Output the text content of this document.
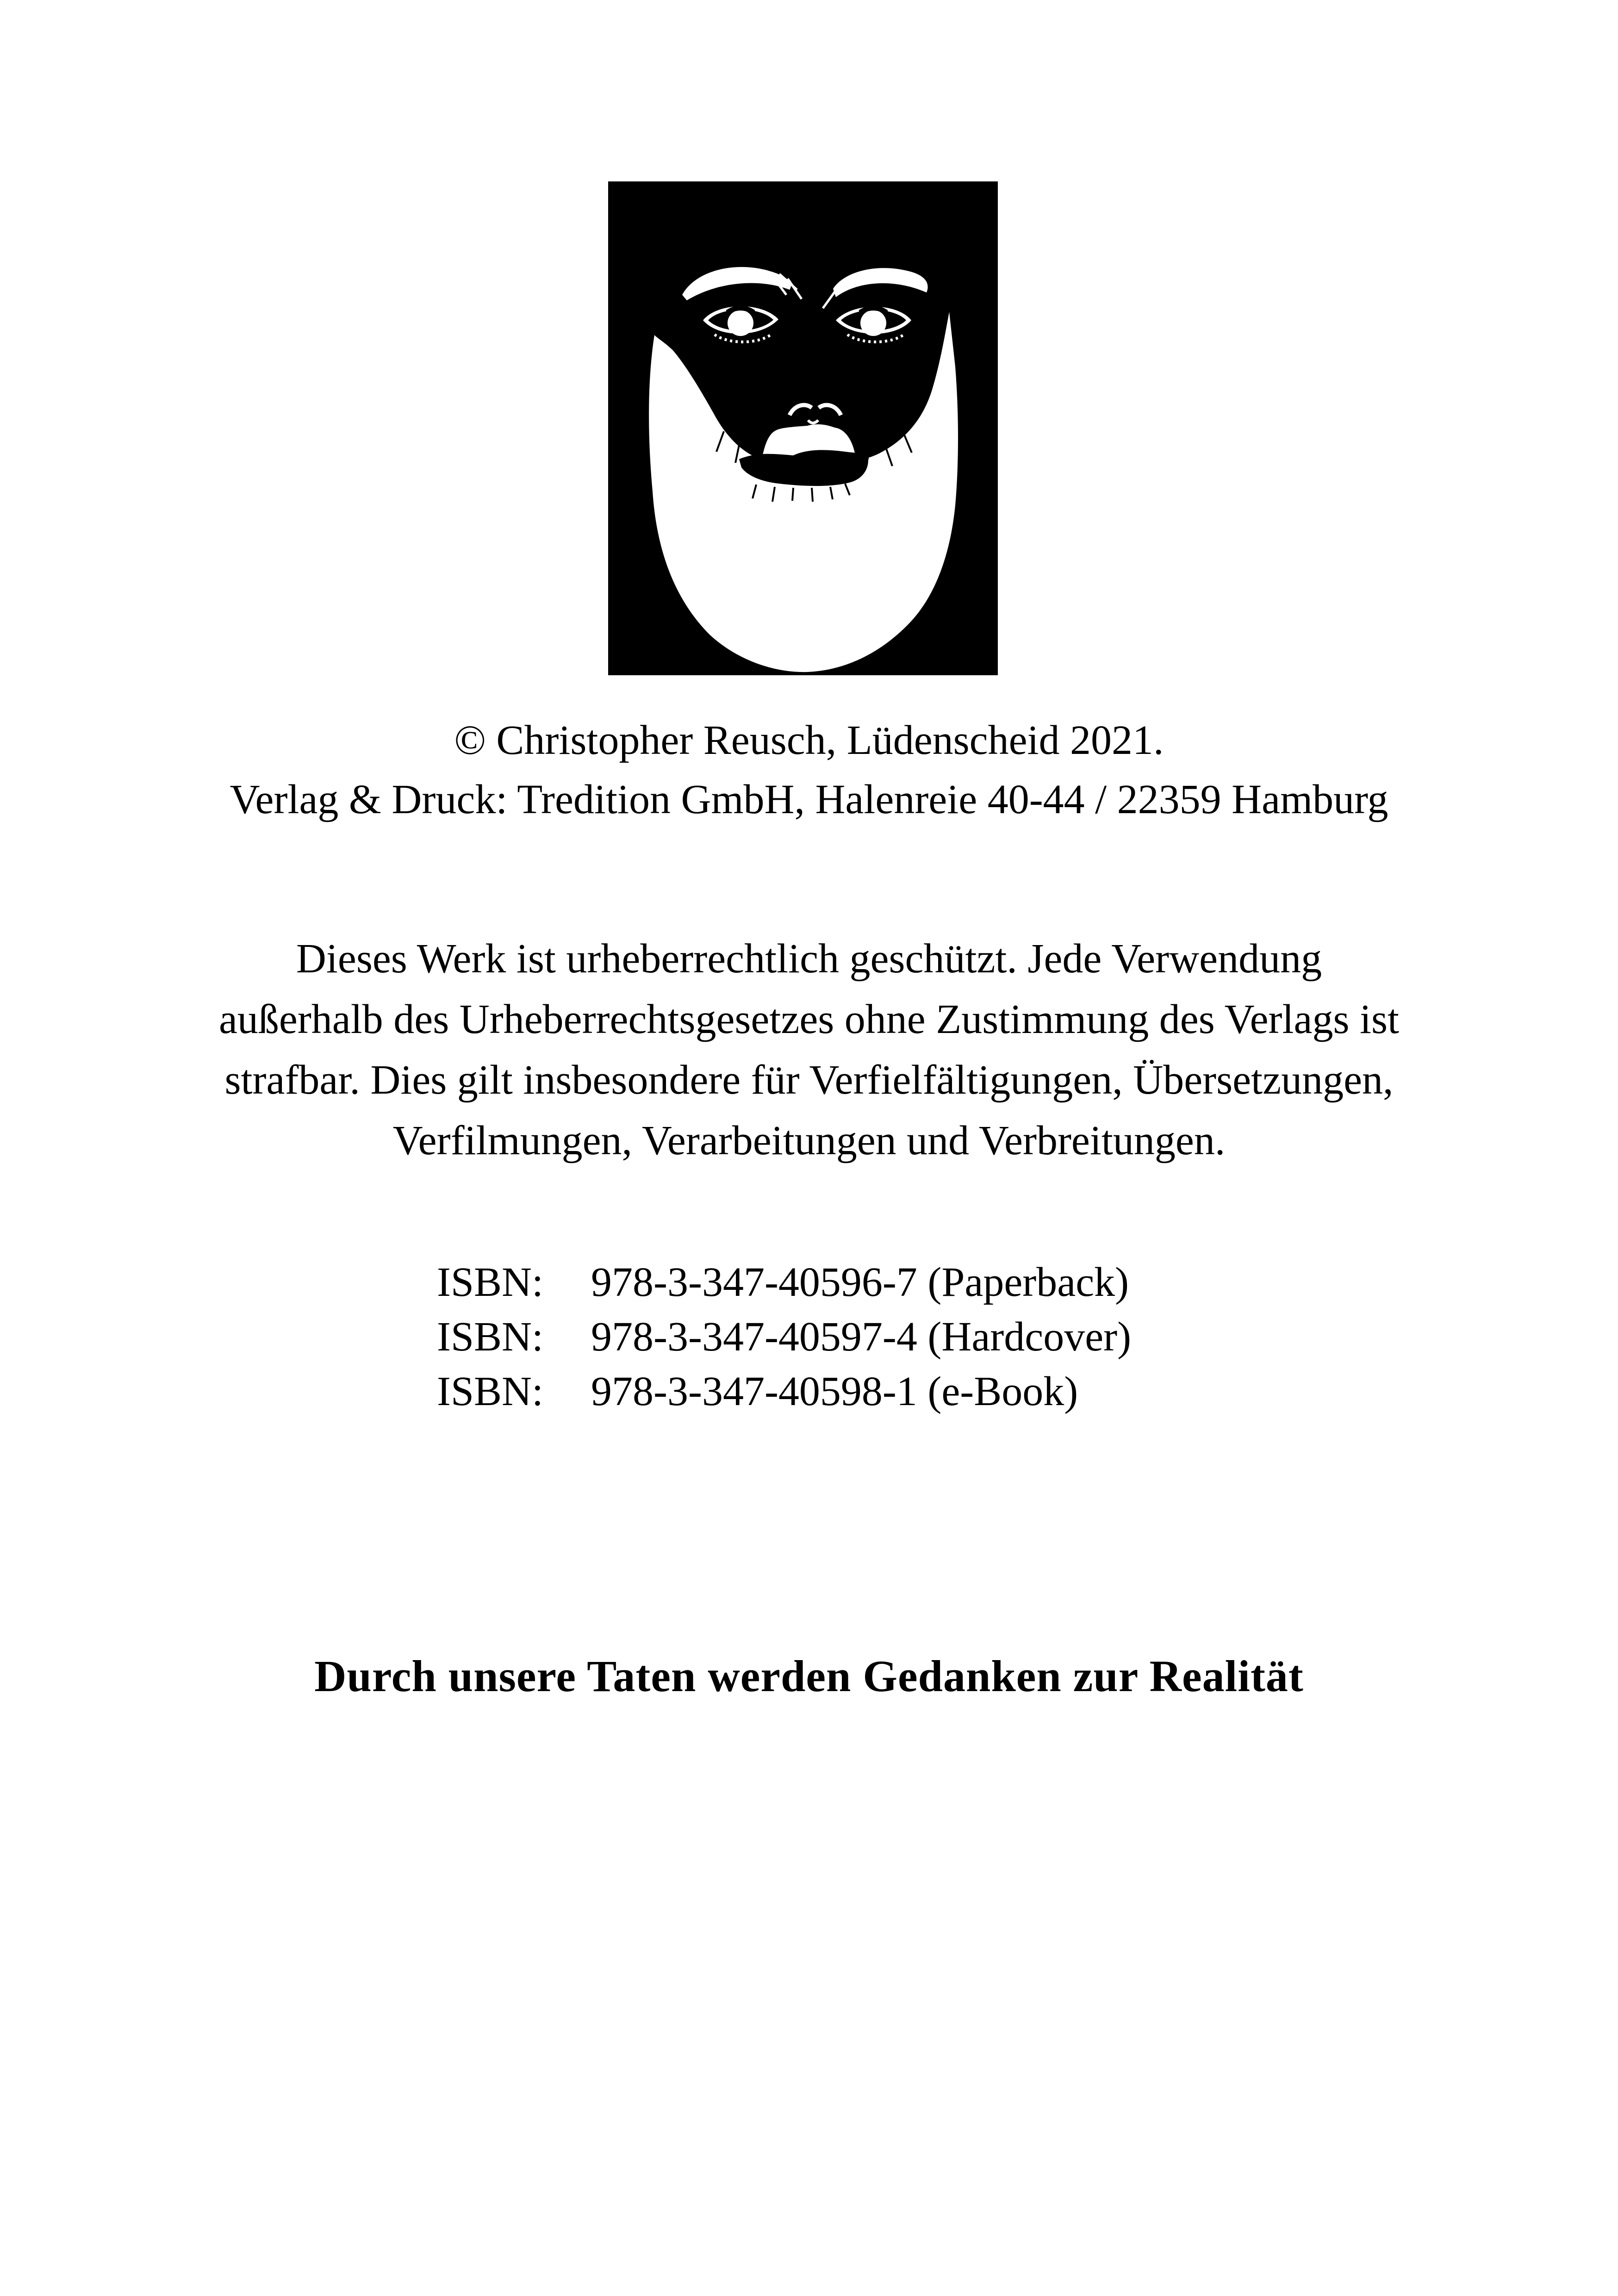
© Christopher Reusch, Lüdenscheid 2021.
Verlag & Druck: Tredition GmbH, Halenreie 40-44 / 22359 Hamburg
Dieses Werk ist urheberrechtlich geschützt. Jede Verwendung
außerhalb des Urheberrechtsgesetzes ohne Zustimmung des Verlags ist
strafbar. Dies gilt insbesondere für Verfielfältigungen, Übersetzungen,
Verfilmungen, Verarbeitungen und Verbreitungen.
ISBN: 978-3-347-40596-7 (Paperback)
ISBN: 978-3-347-40597-4 (Hardcover)
ISBN: 978-3-347-40598-1 (e-Book)
Durch unsere Taten werden Gedanken zur Realität
